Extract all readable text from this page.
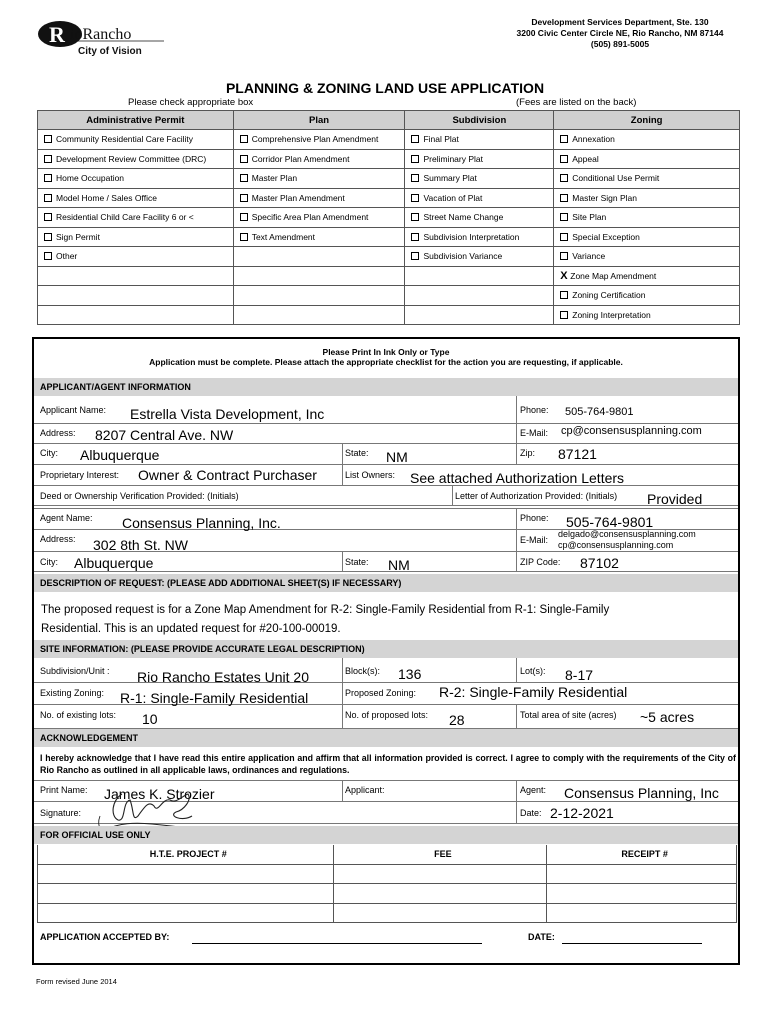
R ioRancho
City of Vision
Development Services Department, Ste. 130
3200 Civic Center Circle NE, Rio Rancho, NM 87144
(505) 891-5005
PLANNING & ZONING LAND USE APPLICATION
Please check appropriate box	(Fees are listed on the back)
Administrative Permit	Plan	Subdivision	Zoning
Community Residential Care Facility	Comprehensive Plan Amendment	Final Plat	Annexation
Development Review Committee (DRC)	Corridor Plan Amendment	Preliminary Plat	Appeal
Home Occupation	Master Plan	Summary Plat	Conditional Use Permit
Model Home / Sales Office	Master Plan Amendment	Vacation of Plat	Master Sign Plan
Residential Child Care Facility 6 or <	Specific Area Plan Amendment	Street Name Change	Site Plan
Sign Permit	Text Amendment	Subdivision Interpretation	Special Exception
Other		Subdivision Variance	Variance
			X Zone Map Amendment
			Zoning Certification
			Zoning Interpretation
Please Print In Ink Only or Type
Application must be complete. Please attach the appropriate checklist for the action you are requesting, if applicable.
APPLICANT/AGENT INFORMATION
Applicant Name: Estrella Vista Development, Inc	Phone: 505-764-9801
Address: 8207 Central Ave. NW	E-Mail: cp@consensusplanning.com
City: Albuquerque	State: NM	Zip: 87121
Proprietary Interest: Owner & Contract Purchaser	List Owners: See attached Authorization Letters
Deed or Ownership Verification Provided: (Initials)	Letter of Authorization Provided: (Initials) Provided
Agent Name: Consensus Planning, Inc.	Phone: 505-764-9801
Address: 302 8th St. NW	E-Mail:
delgado@consensusplanning.com
cp@consensusplanning.com
City: Albuquerque	State: NM	ZIP Code: 87102
DESCRIPTION OF REQUEST: (PLEASE ADD ADDITIONAL SHEET(S) IF NECESSARY)
The proposed request is for a Zone Map Amendment for R-2: Single-Family Residential from R-1: Single-Family
Residential. This is an updated request for #20-100-00019.
SITE INFORMATION: (PLEASE PROVIDE ACCURATE LEGAL DESCRIPTION)
Subdivision/Unit : Rio Rancho Estates Unit 20	Block(s): 136	Lot(s): 8-17
Existing Zoning: R-1: Single-Family Residential	Proposed Zoning: R-2: Single-Family Residential
No. of existing lots: 10	No. of proposed lots: 28	Total area of site (acres) ~5 acres
ACKNOWLEDGEMENT
I hereby acknowledge that I have read this entire application and affirm that all information provided is correct. I agree to comply with the requirements of the City of Rio Rancho as outlined in all applicable laws, ordinances and regulations.
Print Name: James K. Strozier	Applicant:	Agent: Consensus Planning, Inc
Signature:	Date: 2-12-2021
FOR OFFICIAL USE ONLY
H.T.E. PROJECT #	FEE	RECEIPT #

APPLICATION ACCEPTED BY:	DATE:
Form revised June 2014
